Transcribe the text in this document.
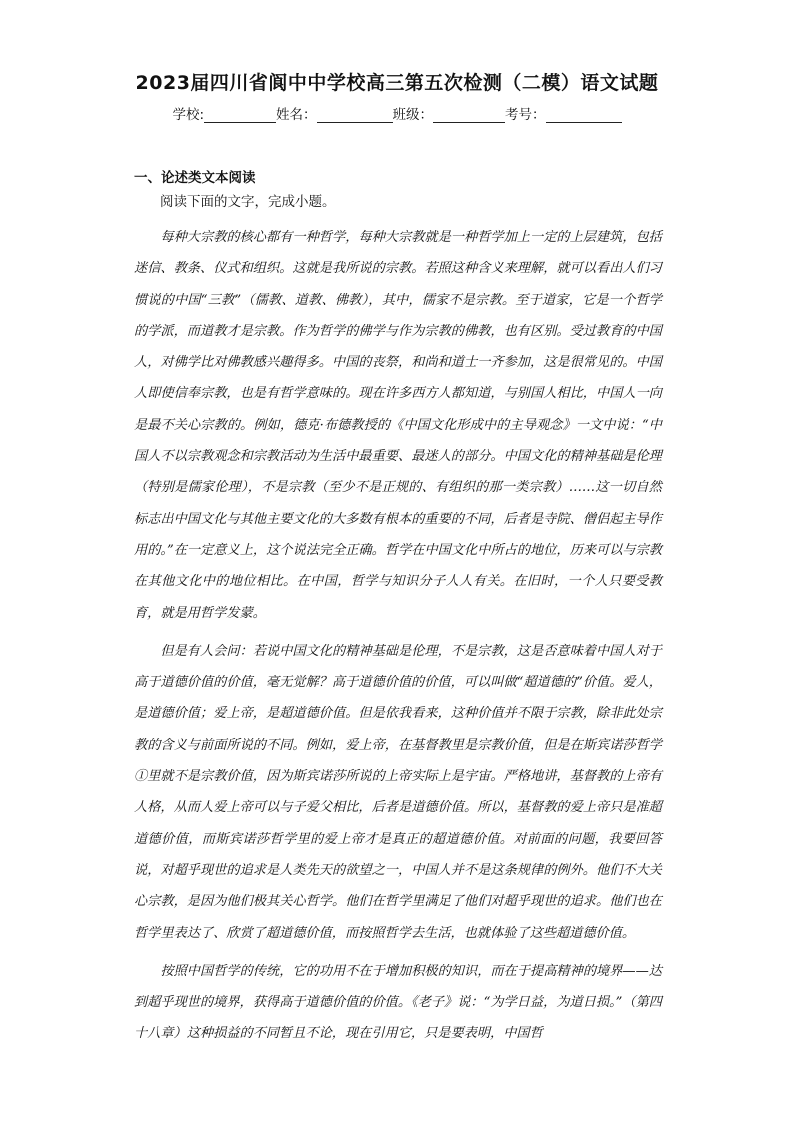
2023届四川省阆中中学校高三第五次检测（二模）语文试题
学校:	姓名：	班级：	考号：
一、论述类文本阅读
阅读下面的文字，完成小题。

每种大宗教的核心都有一种哲学，每种大宗教就是一种哲学加上一定的上层建筑，包括迷信、教条、仪式和组织。这就是我所说的宗教。若照这种含义来理解，就可以看出人们习惯说的中国“三教”（儒教、道教、佛教），其中，儒家不是宗教。至于道家，它是一个哲学的学派，而道教才是宗教。作为哲学的佛学与作为宗教的佛教，也有区别。受过教育的中国人，对佛学比对佛教感兴趣得多。中国的丧祭，和尚和道士一齐参加，这是很常见的。中国人即使信奉宗教，也是有哲学意味的。现在许多西方人都知道，与别国人相比，中国人一向是最不关心宗教的。例如，德克·布德教授的《中国文化形成中的主导观念》一文中说：“中国人不以宗教观念和宗教活动为生活中最重要、最迷人的部分。中国文化的精神基础是伦理（特别是儒家伦理），不是宗教（至少不是正规的、有组织的那一类宗教）……这一切自然标志出中国文化与其他主要文化的大多数有根本的重要的不同，后者是寺院、僧侣起主导作用的。”在一定意义上，这个说法完全正确。哲学在中国文化中所占的地位，历来可以与宗教在其他文化中的地位相比。在中国，哲学与知识分子人人有关。在旧时，一个人只要受教育，就是用哲学发蒙。

但是有人会问：若说中国文化的精神基础是伦理，不是宗教，这是否意味着中国人对于高于道德价值的价值，毫无觉解？高于道德价值的价值，可以叫做“超道德的”价值。爱人，是道德价值；爱上帝，是超道德价值。但是依我看来，这种价值并不限于宗教，除非此处宗教的含义与前面所说的不同。例如，爱上帝，在基督教里是宗教价值，但是在斯宾诺莎哲学①里就不是宗教价值，因为斯宾诺莎所说的上帝实际上是宇宙。严格地讲，基督教的上帝有人格，从而人爱上帝可以与子爱父相比，后者是道德价值。所以，基督教的爱上帝只是准超道德价值，而斯宾诺莎哲学里的爱上帝才是真正的超道德价值。对前面的问题，我要回答说，对超乎现世的追求是人类先天的欲望之一，中国人并不是这条规律的例外。他们不大关心宗教，是因为他们极其关心哲学。他们在哲学里满足了他们对超乎现世的追求。他们也在哲学里表达了、欣赏了超道德价值，而按照哲学去生活，也就体验了这些超道德价值。

按照中国哲学的传统，它的功用不在于增加积极的知识，而在于提高精神的境界——达到超乎现世的境界，获得高于道德价值的价值。《老子》说：“为学日益，为道日损。”（第四十八章）这种损益的不同暂且不论，现在引用它，只是要表明，中国哲
